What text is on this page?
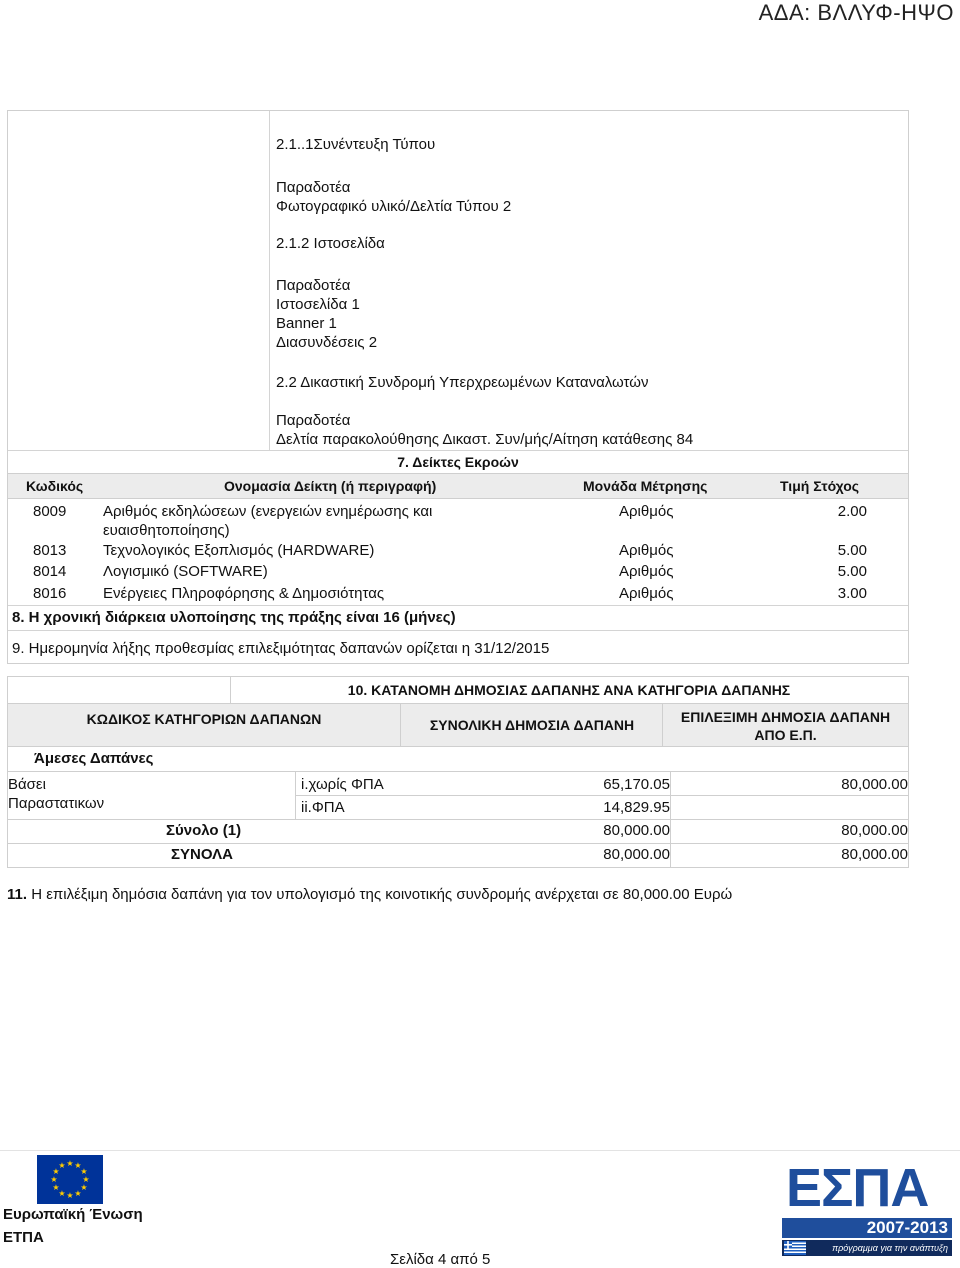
ΑΔΑ: ΒΛΛΥΦ-ΗΨΟ
2.1..1Συνέντευξη Τύπου
Παραδοτέα
Φωτογραφικό υλικό/Δελτία Τύπου 2
2.1.2 Ιστοσελίδα
Παραδοτέα
Ιστοσελίδα 1
Banner 1
Διασυνδέσεις 2
2.2 Δικαστική Συνδρομή Υπερχρεωμένων Καταναλωτών
Παραδοτέα
Δελτία παρακολούθησης Δικαστ. Συν/μής/Αίτηση κατάθεσης 84
7. Δείκτες Εκροών
Κωδικός	Ονομασία Δείκτη (ή περιγραφή)	Μονάδα Μέτρησης	Τιμή Στόχος
8009 Αριθμός εκδηλώσεων (ενεργειών ενημέρωσης και
ευαισθητοποίησης)
Αριθμός	2.00
8013 Τεχνολογικός Εξοπλισμός (HARDWARE)	Αριθμός	5.00
8014 Λογισμικό (SOFTWARE)	Αριθμός	5.00
8016 Ενέργειες Πληροφόρησης & Δημοσιότητας	Αριθμός	3.00
8. Η χρονική διάρκεια υλοποίησης της πράξης είναι 16 (μήνες)
9. Ημερομηνία λήξης προθεσμίας επιλεξιμότητας δαπανών ορίζεται η 31/12/2015
10. ΚΑΤΑΝΟΜΗ ΔΗΜΟΣΙΑΣ ΔΑΠΑΝΗΣ ΑΝΑ ΚΑΤΗΓΟΡΙΑ ΔΑΠΑΝΗΣ
ΚΩΔΙΚΟΣ ΚΑΤΗΓΟΡΙΩΝ ΔΑΠΑΝΩΝ	ΣΥΝΟΛΙΚΗ ΔΗΜΟΣΙΑ ΔΑΠΑΝΗ	ΕΠΙΛΕΞΙΜΗ ΔΗΜΟΣΙΑ ΔΑΠΑΝΗ
ΑΠΟ Ε.Π.
Άμεσες Δαπάνες
Βάσει
Παραστατικων
i.χωρίς ΦΠΑ	65,170.05	80,000.00
ii.ΦΠΑ	14,829.95
Σύνολο (1)	80,000.00	80,000.00
ΣΥΝΟΛΑ	80,000.00	80,000.00
11. Η επιλέξιμη δημόσια δαπάνη για τον υπολογισμό της κοινοτικής συνδρομής ανέρχεται σε 80,000.00 Ευρώ
★ ★
★
★
★
★
★
★
★
★
★
★
Ευρωπαϊκή Ένωση
ΕΤΠΑ
Σελίδα 4 από 5
ΕΣΠΑ
2007-2013
πρόγραμμα για την ανάπτυξη
